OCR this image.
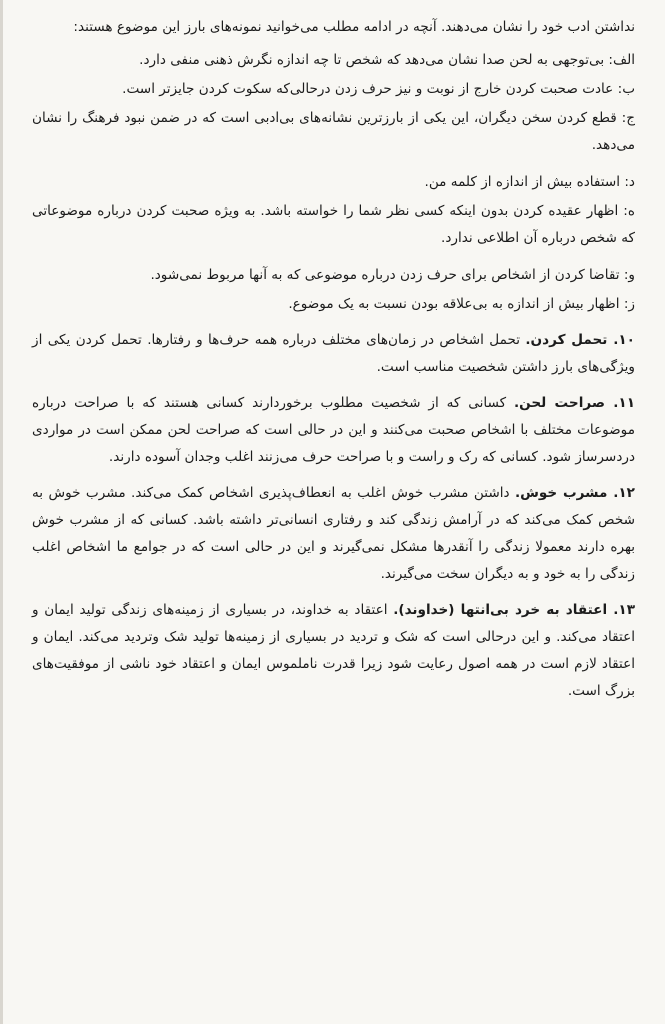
نداشتن ادب خود را نشان می‌دهند. آنچه در ادامه مطلب می‌خوانید نمونه‌های بارز این موضوع هستند:

الف: بی‌توجهی به لحن صدا نشان می‌دهد که شخص تا چه اندازه نگرش ذهنی منفی دارد.

ب: عادت صحبت کردن خارج از نوبت و نیز حرف زدن درحالی‌که سکوت کردن جایزتر است.

ج: قطع کردن سخن دیگران، این یکی از بارزترین نشانه‌های بی‌ادبی است که در ضمن نبود فرهنگ را نشان می‌دهد.

د: استفاده بیش از اندازه از کلمه من.

ه: اظهار عقیده کردن بدون اینکه کسی نظر شما را خواسته باشد. به ویژه صحبت کردن درباره موضوعاتی که شخص درباره آن اطلاعی ندارد.

و: تقاضا کردن از اشخاص برای حرف زدن درباره موضوعی که به آنها مربوط نمی‌شود.

ز: اظهار بیش از اندازه به بی‌علاقه بودن نسبت به یک موضوع.

۱۰. تحمل کردن. تحمل اشخاص در زمان‌های مختلف درباره همه حرف‌ها و رفتارها. تحمل کردن یکی از ویژگی‌های بارز داشتن شخصیت مناسب است.

۱۱. صراحت لحن. کسانی که از شخصیت مطلوب برخوردارند کسانی هستند که با صراحت درباره موضوعات مختلف با اشخاص صحبت می‌کنند و این در حالی است که صراحت لحن ممکن است در مواردی دردسرساز شود. کسانی که رک و راست و با صراحت حرف می‌زنند اغلب وجدان آسوده دارند.

۱۲. مشرب خوش. داشتن مشرب خوش اغلب به انعطاف‌پذیری اشخاص کمک می‌کند. مشرب خوش به شخص کمک می‌کند که در آرامش زندگی کند و رفتاری انسانی‌تر داشته باشد. کسانی که از مشرب خوش بهره دارند معمولا زندگی را آنقدرها مشکل نمی‌گیرند و این در حالی است که در جوامع ما اشخاص اغلب زندگی را به خود و به دیگران سخت می‌گیرند.

۱۳. اعتقاد به خرد بی‌انتها (خداوند). اعتقاد به خداوند، در بسیاری از زمینه‌های زندگی تولید ایمان و اعتقاد می‌کند. و این درحالی است که شک و تردید در بسیاری از زمینه‌ها تولید شک وتردید می‌کند. ایمان و اعتقاد لازم است در همه اصول رعایت شود زیرا قدرت ناملموس ایمان و اعتقاد خود ناشی از موفقیت‌های بزرگ است.
